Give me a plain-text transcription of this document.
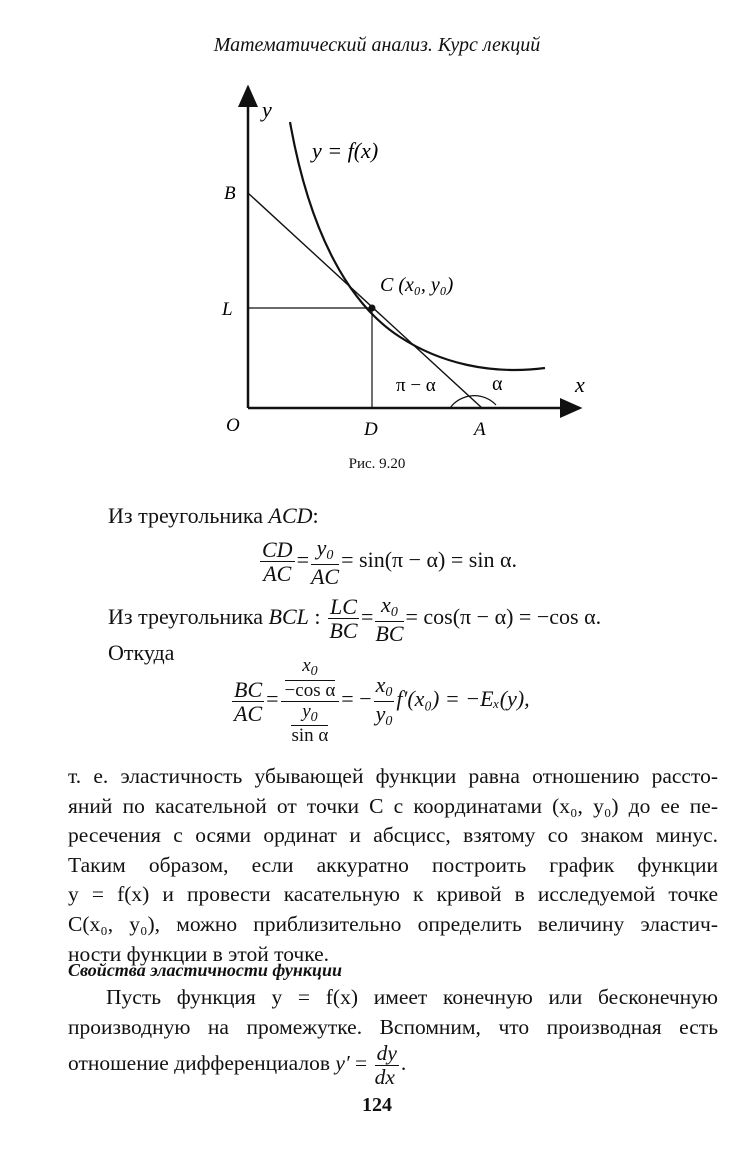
Математический анализ. Курс лекций
y
y = f(x)
B
L
C (x₀, y₀)
π − α	α	x
O	D	A
Рис. 9.20
Из треугольника ACD:
$\frac{CD}{AC} = \frac{y_0}{AC} = \sin(\pi - \alpha) = \sin \alpha$.
Из треугольника BCL : $\frac{LC}{BC} = \frac{x_0}{BC} = \cos(\pi - \alpha) = -\cos$ α.
Откуда
$\frac{BC}{AC} = \frac{\frac{x_0}{\text{−cos α}}}{\frac{y_0}{\text{sin α}}}$ = − $\frac{x_0}{y_0} f'(x_0) = -E_x(y)$,
т. е. эластичность убывающей функции равна отношению рассто-
яний по касательной от точки C с координатами (x₀, y₀) до ее пе-
ресечения с осями ординат и абсцисс, взятому со знаком минус.
Таким образом, если аккуратно построить график функции
y = f(x) и провести касательную к кривой в исследуемой точке
C(x₀, y₀), можно приблизительно определить величину эластич-
ности функции в этой точке.
Свойства эластичности функции
Пусть функция y = f(x) имеет конечную или бесконечную
производную на промежутке. Вспомним, что производная есть
отношение дифференциалов $y' = \frac{dy}{dx}$ .
124
